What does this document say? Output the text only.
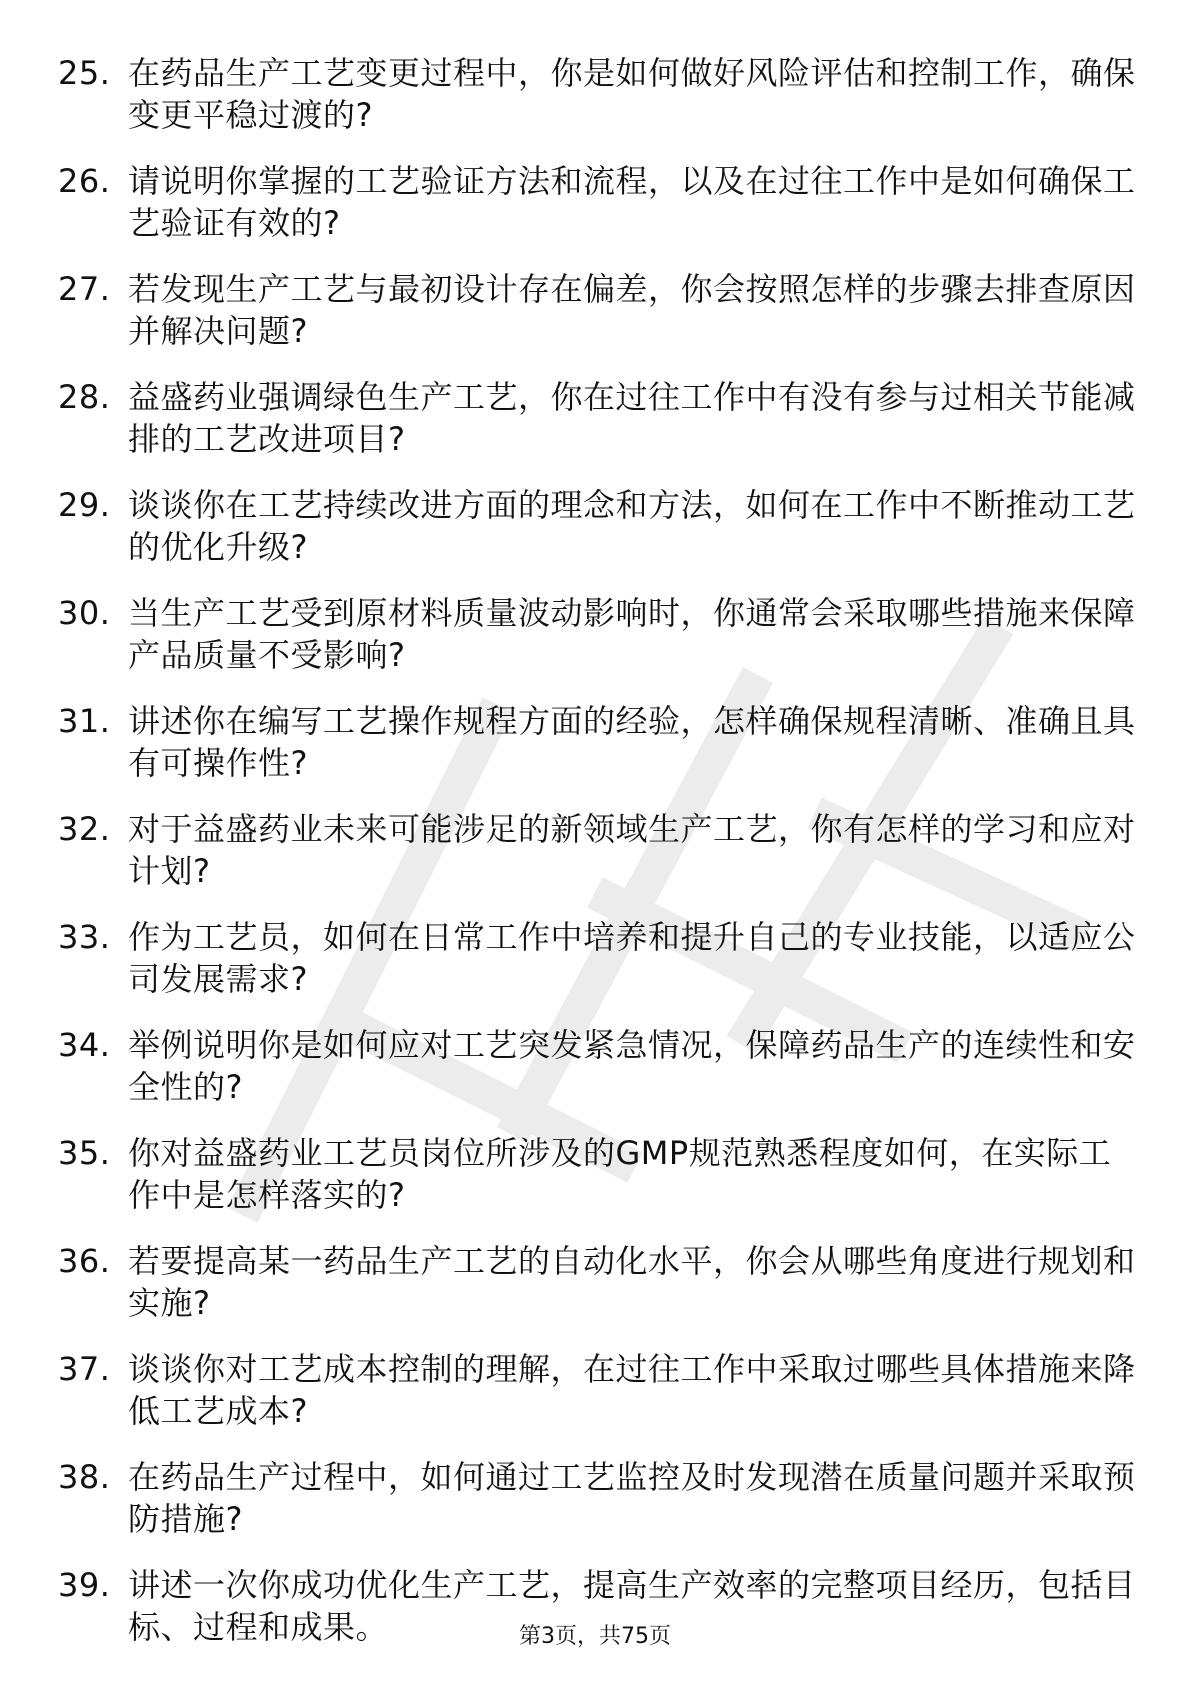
25. 在药品生产工艺变更过程中，你是如何做好风险评估和控制工作，确保变更平稳过渡的?
26. 请说明你掌握的工艺验证方法和流程，以及在过往工作中是如何确保工艺验证有效的?
27. 若发现生产工艺与最初设计存在偏差，你会按照怎样的步骤去排查原因并解决问题?
28. 益盛药业强调绿色生产工艺，你在过往工作中有没有参与过相关节能减排的工艺改进项目?
29. 谈谈你在工艺持续改进方面的理念和方法，如何在工作中不断推动工艺的优化升级?
30. 当生产工艺受到原材料质量波动影响时，你通常会采取哪些措施来保障产品质量不受影响?
31. 讲述你在编写工艺操作规程方面的经验，怎样确保规程清晰、准确且具有可操作性?
32. 对于益盛药业未来可能涉足的新领域生产工艺，你有怎样的学习和应对计划?
33. 作为工艺员，如何在日常工作中培养和提升自己的专业技能，以适应公司发展需求?
34. 举例说明你是如何应对工艺突发紧急情况，保障药品生产的连续性和安全性的?
35. 你对益盛药业工艺员岗位所涉及的GMP规范熟悉程度如何，在实际工作中是怎样落实的?
36. 若要提高某一药品生产工艺的自动化水平，你会从哪些角度进行规划和实施?
37. 谈谈你对工艺成本控制的理解，在过往工作中采取过哪些具体措施来降低工艺成本?
38. 在药品生产过程中，如何通过工艺监控及时发现潜在质量问题并采取预防措施?
39. 讲述一次你成功优化生产工艺，提高生产效率的完整项目经历，包括目标、过程和成果。	第3页，共75页
